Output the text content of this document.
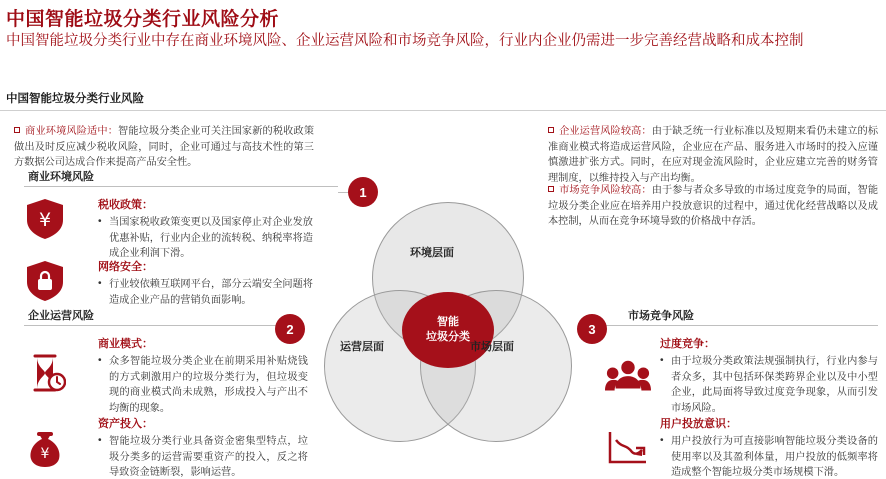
中国智能垃圾分类行业风险分析
中国智能垃圾分类行业中存在商业环境风险、企业运营风险和市场竞争风险，行业内企业仍需进一步完善经营战略和成本控制
中国智能垃圾分类行业风险
商业环境风险适中：智能垃圾分类企业可关注国家新的税收政策做出及时反应减少税收风险，同时，企业可通过与高技术性的第三方数据公司达成合作来提高产品安全性。
企业运营风险较高：由于缺乏统一行业标准以及短期来看仍未建立的标准商业模式将造成运营风险，企业应在产品、服务进入市场时的投入应谨慎激进扩张方式。同时，在应对现金流风险时，企业应建立完善的财务管理制度，以维持投入与产出均衡。
市场竞争风险较高：由于参与者众多导致的市场过度竞争的局面，智能垃圾分类企业应在培养用户投放意识的过程中，通过优化经营战略以及成本控制，从而在竞争环境导致的价格战中存活。
商业环境风险
企业运营风险	市场竞争风险
¥
¥
税收政策：
• 当国家税收政策变更以及国家停止对企业发放优惠补贴，行业内企业的流转税、纳税率将造成企业利润下滑。
网络安全：
• 行业较依赖互联网平台，部分云端安全问题将造成企业产品的营销负面影响。
商业模式：
• 众多智能垃圾分类企业在前期采用补贴烧钱的方式刺激用户的垃圾分类行为，但垃圾变现的商业模式尚未成熟，形成投入与产出不均衡的现象。
资产投入：
• 智能垃圾分类行业具备资金密集型特点，垃圾分类多的运营需要重资产的投入，反之将导致资金链断裂，影响运营。
过度竞争：
• 由于垃圾分类政策法规强制执行，行业内参与者众多，其中包括环保类跨界企业以及中小型企业，此局面将导致过度竞争现象，从而引发市场风险。
用户投放意识：
• 用户投放行为可直接影响智能垃圾分类设备的使用率以及其盈利体量，用户投放的低频率将造成整个智能垃圾分类市场规模下滑。
智能
垃圾分类
环境层面
运营层面	市场层面
1
2	3
